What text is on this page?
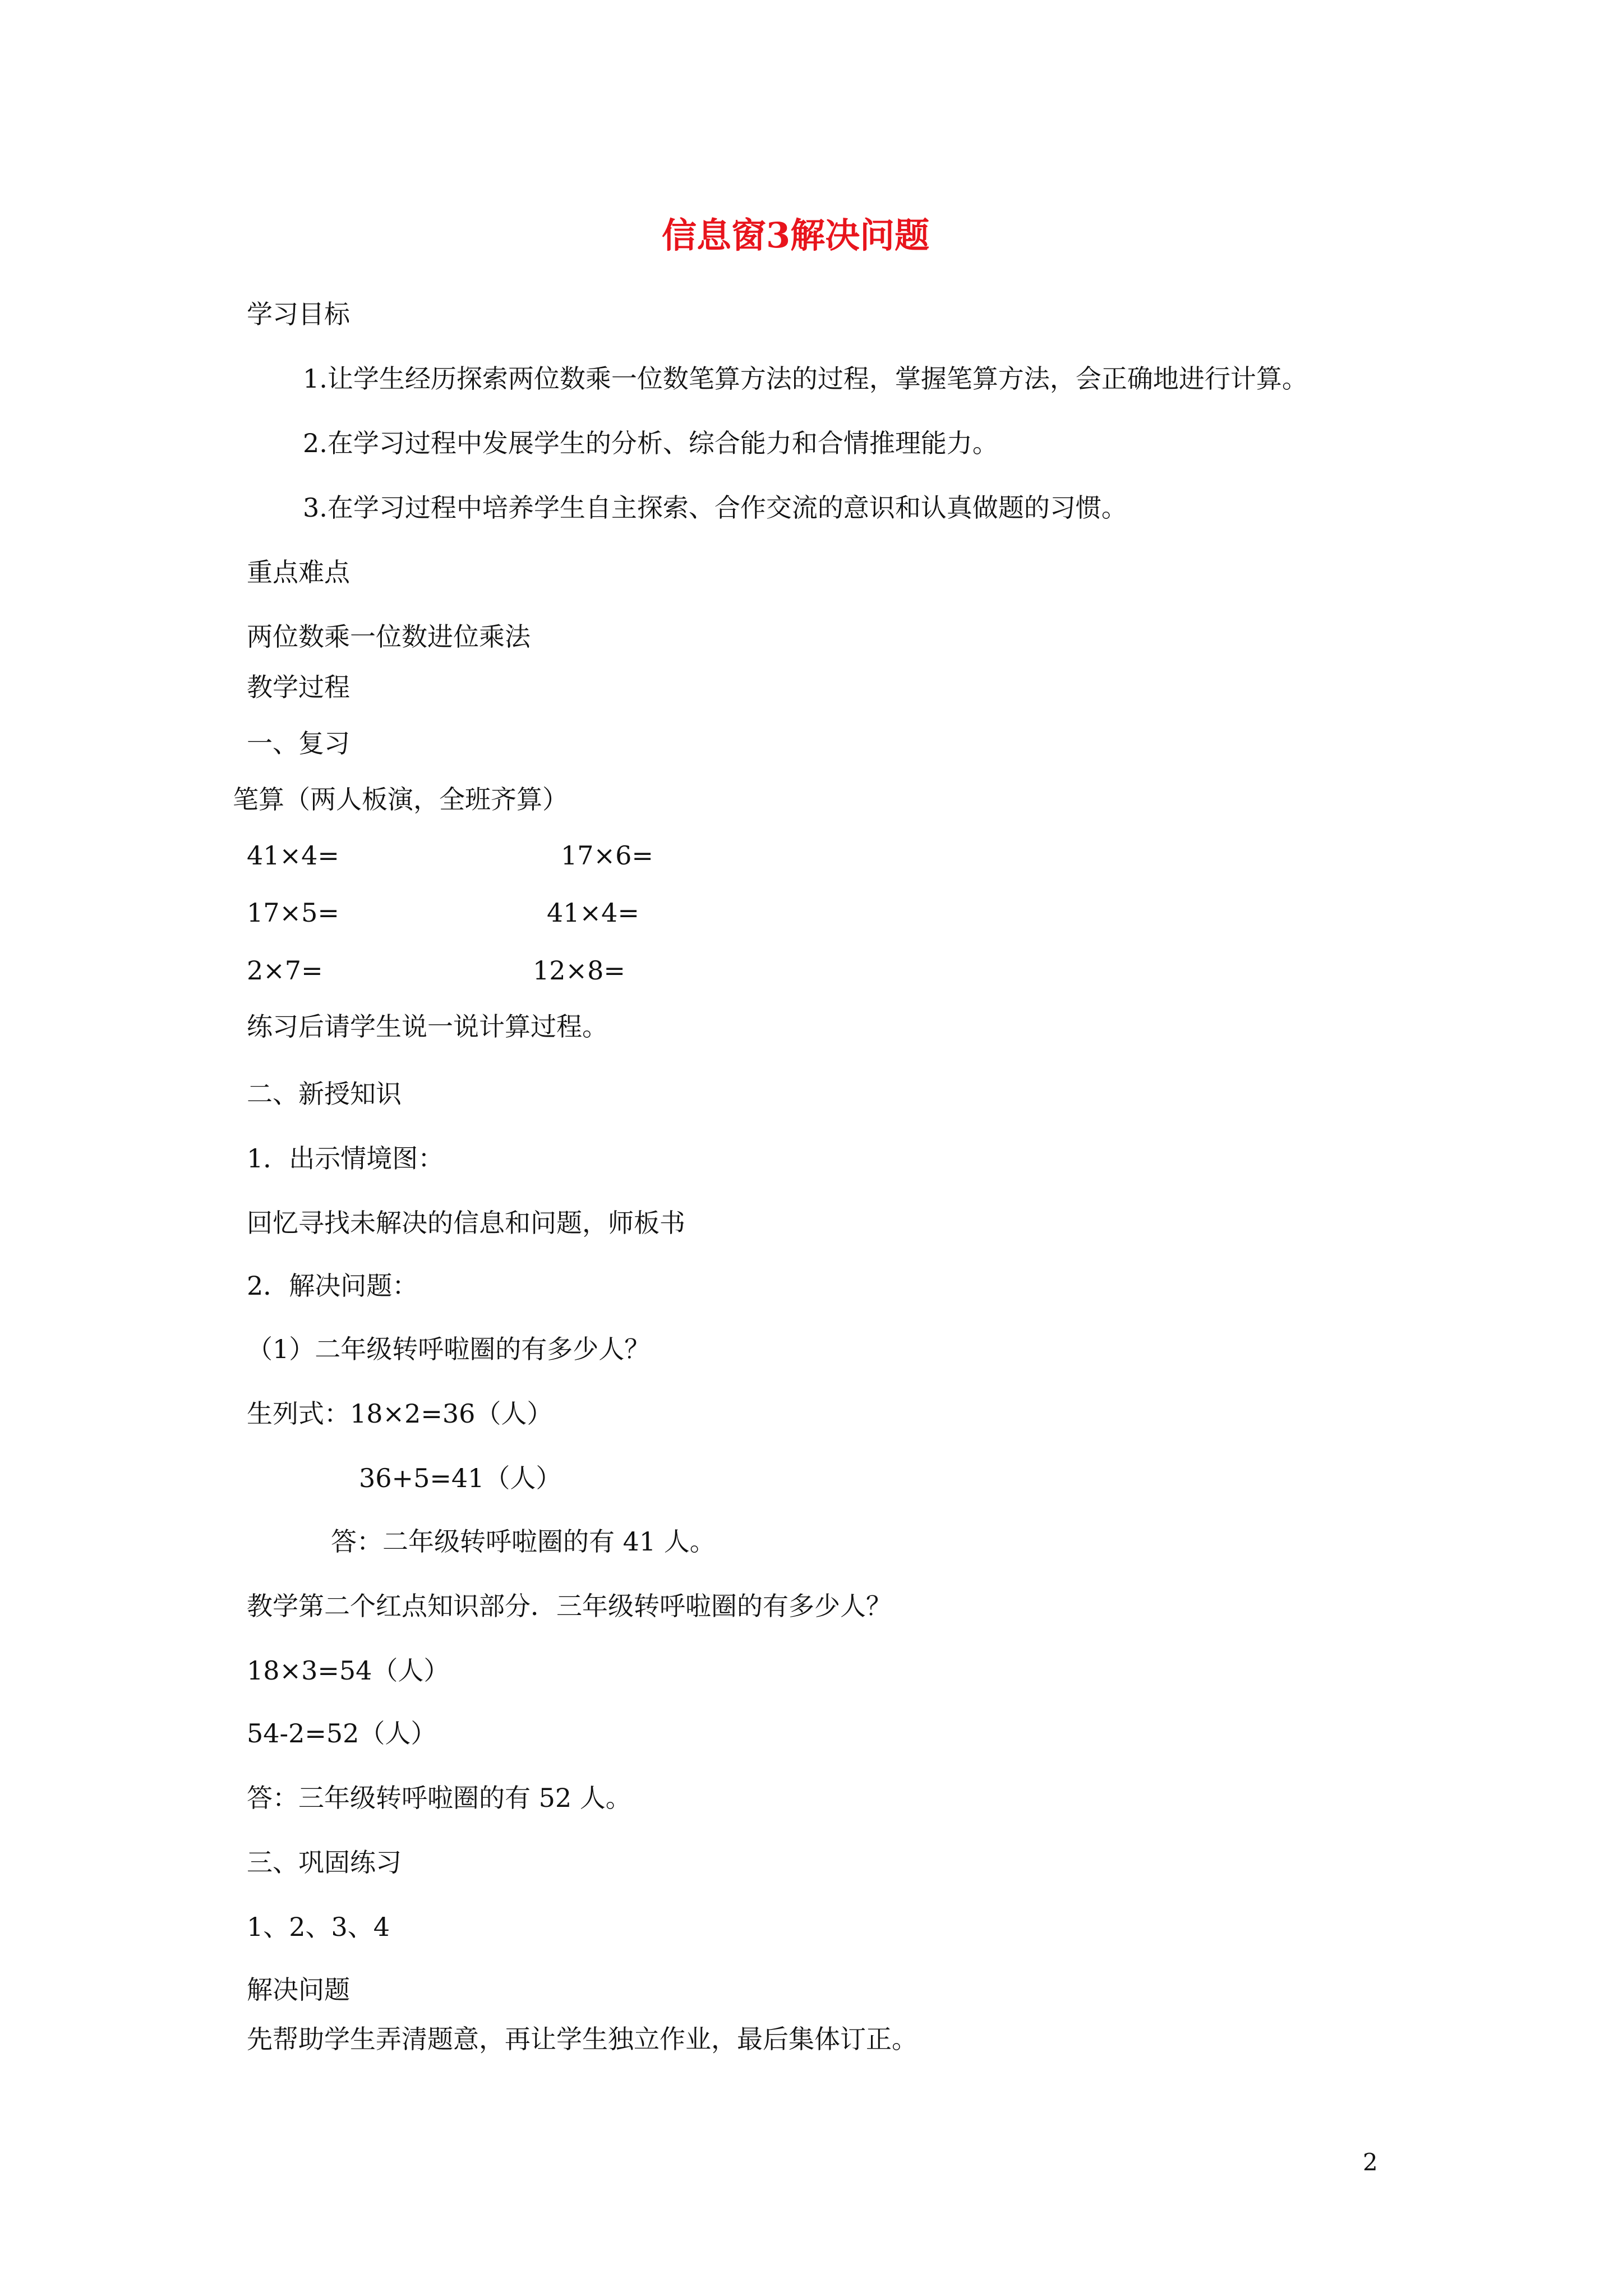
信息窗3解决问题
学习目标
1.让学生经历探索两位数乘一位数笔算方法的过程，掌握笔算方法，会正确地进行计算。
2.在学习过程中发展学生的分析、综合能力和合情推理能力。
3.在学习过程中培养学生自主探索、合作交流的意识和认真做题的习惯。
重点难点
两位数乘一位数进位乘法
教学过程
一、复习
笔算（两人板演，全班齐算）
41×4=	17×6=
17×5=	41×4=
2×7=	12×8=
练习后请学生说一说计算过程。
二、新授知识
1．出示情境图：
回忆寻找未解决的信息和问题，师板书
2．解决问题：
（1）二年级转呼啦圈的有多少人？
生列式：18×2=36（人）
36+5=41（人）
答：二年级转呼啦圈的有 41 人。
教学第二个红点知识部分．三年级转呼啦圈的有多少人？
18×3=54（人）
54-2=52（人）
答：三年级转呼啦圈的有 52 人。
三、巩固练习
1、2、3、4
解决问题
先帮助学生弄清题意，再让学生独立作业，最后集体订正。
2
